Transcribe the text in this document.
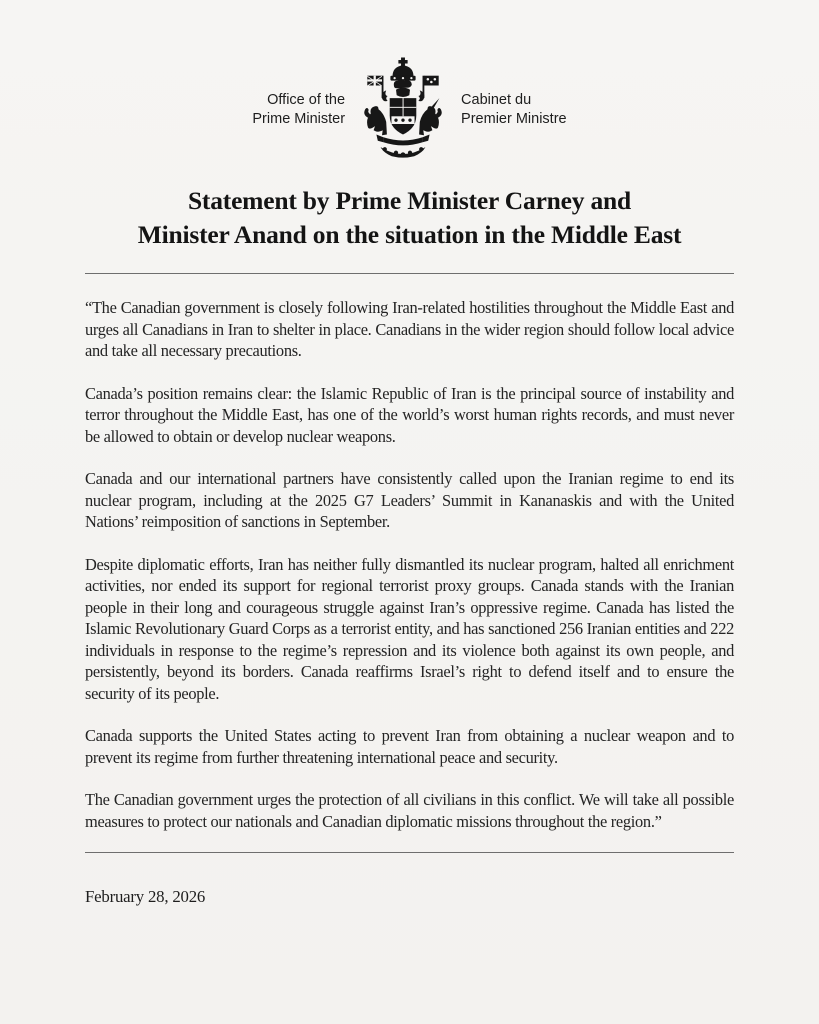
Office of the
Prime Minister
Cabinet du
Premier Ministre
Statement by Prime Minister Carney and
Minister Anand on the situation in the Middle East

“The Canadian government is closely following Iran-related hostilities throughout the Middle East and urges all Canadians in Iran to shelter in place. Canadians in the wider region should follow local advice and take all necessary precautions.

Canada’s position remains clear: the Islamic Republic of Iran is the principal source of instability and terror throughout the Middle East, has one of the world’s worst human rights records, and must never be allowed to obtain or develop nuclear weapons.

Canada and our international partners have consistently called upon the Iranian regime to end its nuclear program, including at the 2025 G7 Leaders’ Summit in Kananaskis and with the United Nations’ reimposition of sanctions in September.

Despite diplomatic efforts, Iran has neither fully dismantled its nuclear program, halted all enrichment activities, nor ended its support for regional terrorist proxy groups. Canada stands with the Iranian people in their long and courageous struggle against Iran’s oppressive regime. Canada has listed the Islamic Revolutionary Guard Corps as a terrorist entity, and has sanctioned 256 Iranian entities and 222 individuals in response to the regime’s repression and its violence both against its own people, and persistently, beyond its borders. Canada reaffirms Israel’s right to defend itself and to ensure the security of its people.

Canada supports the United States acting to prevent Iran from obtaining a nuclear weapon and to prevent its regime from further threatening international peace and security.

The Canadian government urges the protection of all civilians in this conflict. We will take all possible measures to protect our nationals and Canadian diplomatic missions throughout the region.”

February 28, 2026
